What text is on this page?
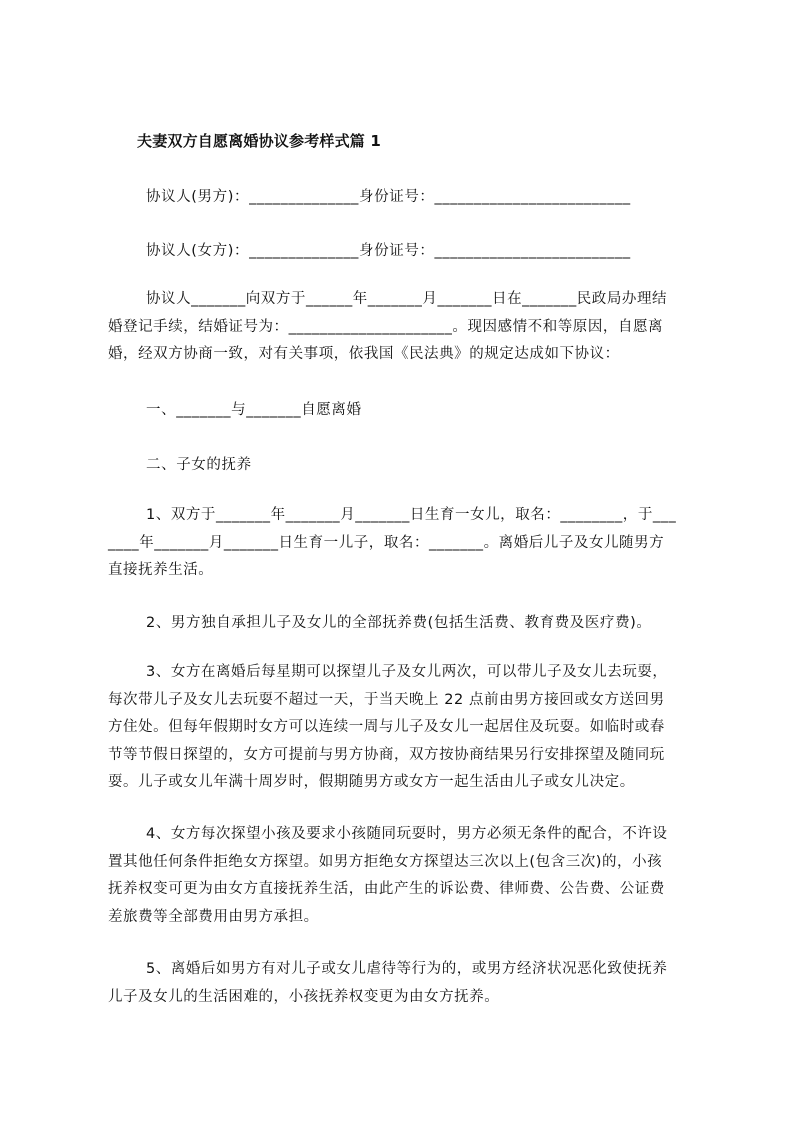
夫妻双方自愿离婚协议参考样式篇 1
协议人(男方)：______________身份证号：_________________________
协议人(女方)：______________身份证号：_________________________
协议人_______向双方于______年_______月_______日在_______民政局办理结
婚登记手续，结婚证号为：_____________________。现因感情不和等原因，自愿离
婚，经双方协商一致，对有关事项，依我国《民法典》的规定达成如下协议：
一、_______与_______自愿离婚
二、子女的抚养
1、双方于_______年_______月_______日生育一女儿，取名：________，于___
____年_______月_______日生育一儿子，取名：_______。离婚后儿子及女儿随男方
直接抚养生活。
2、男方独自承担儿子及女儿的全部抚养费(包括生活费、教育费及医疗费)。
3、女方在离婚后每星期可以探望儿子及女儿两次，可以带儿子及女儿去玩耍，
每次带儿子及女儿去玩耍不超过一天，于当天晚上 22 点前由男方接回或女方送回男
方住处。但每年假期时女方可以连续一周与儿子及女儿一起居住及玩耍。如临时或春
节等节假日探望的，女方可提前与男方协商，双方按协商结果另行安排探望及随同玩
耍。儿子或女儿年满十周岁时，假期随男方或女方一起生活由儿子或女儿决定。
4、女方每次探望小孩及要求小孩随同玩耍时，男方必须无条件的配合，不许设
置其他任何条件拒绝女方探望。如男方拒绝女方探望达三次以上(包含三次)的，小孩
抚养权变可更为由女方直接抚养生活，由此产生的诉讼费、律师费、公告费、公证费
差旅费等全部费用由男方承担。
5、离婚后如男方有对儿子或女儿虐待等行为的，或男方经济状况恶化致使抚养
儿子及女儿的生活困难的，小孩抚养权变更为由女方抚养。
